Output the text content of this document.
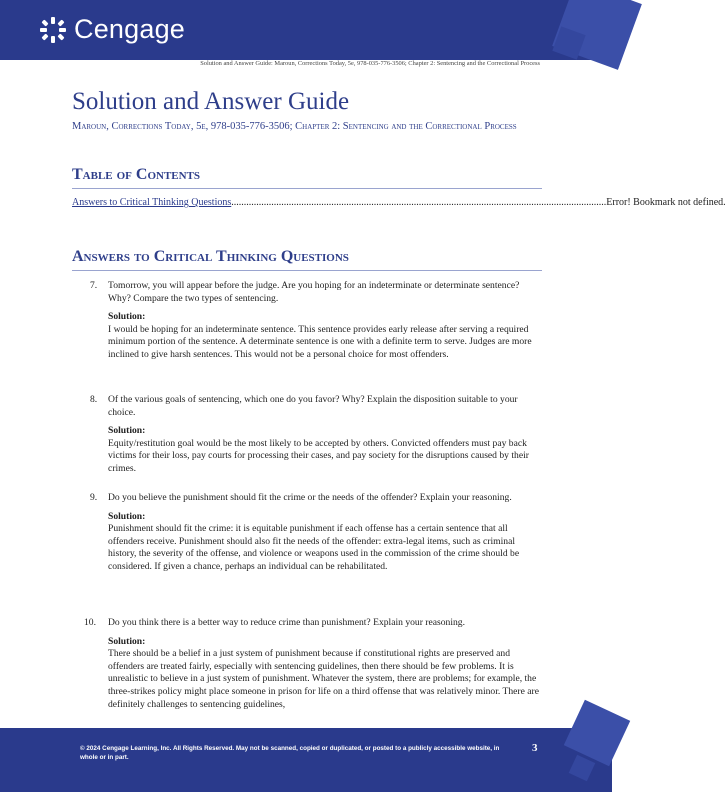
Cengage
Solution and Answer Guide: Maroun, Corrections Today, 5e, 978-035-776-3506; Chapter 2: Sentencing and the Correctional Process
Solution and Answer Guide
Maroun, Corrections Today, 5e, 978-035-776-3506; Chapter 2: Sentencing and the Correctional Process
Table of Contents
Answers to Critical Thinking Questions
.....	Error! Bookmark not defined.
Answers to Critical Thinking Questions
7.	Tomorrow, you will appear before the judge. Are you hoping for an indeterminate or determinate sentence? Why? Compare the two types of sentencing.
Solution:
I would be hoping for an indeterminate sentence. This sentence provides early release after serving a required minimum portion of the sentence. A determinate sentence is one with a definite term to serve. Judges are more inclined to give harsh sentences. This would not be a personal choice for most offenders.
8.	Of the various goals of sentencing, which one do you favor? Why? Explain the disposition suitable to your choice.
Solution:
Equity/restitution goal would be the most likely to be accepted by others. Convicted offenders must pay back victims for their loss, pay courts for processing their cases, and pay society for the disruptions caused by their crimes.
9.	Do you believe the punishment should fit the crime or the needs of the offender? Explain your reasoning.
Solution:
Punishment should fit the crime: it is equitable punishment if each offense has a certain sentence that all offenders receive. Punishment should also fit the needs of the offender: extra-legal items, such as criminal history, the severity of the offense, and violence or weapons used in the commission of the crime should be considered. If given a chance, perhaps an individual can be rehabilitated.
10.	Do you think there is a better way to reduce crime than punishment? Explain your reasoning.
Solution:
There should be a belief in a just system of punishment because if constitutional rights are preserved and offenders are treated fairly, especially with sentencing guidelines, then there should be few problems. It is unrealistic to believe in a just system of punishment. Whatever the system, there are problems; for example, the three-strikes policy might place someone in prison for life on a third offense that was relatively minor. There are definitely challenges to sentencing guidelines,
© 2024 Cengage Learning, Inc. All Rights Reserved. May not be scanned, copied or duplicated, or posted to a publicly accessible website, in whole or in part.
3
